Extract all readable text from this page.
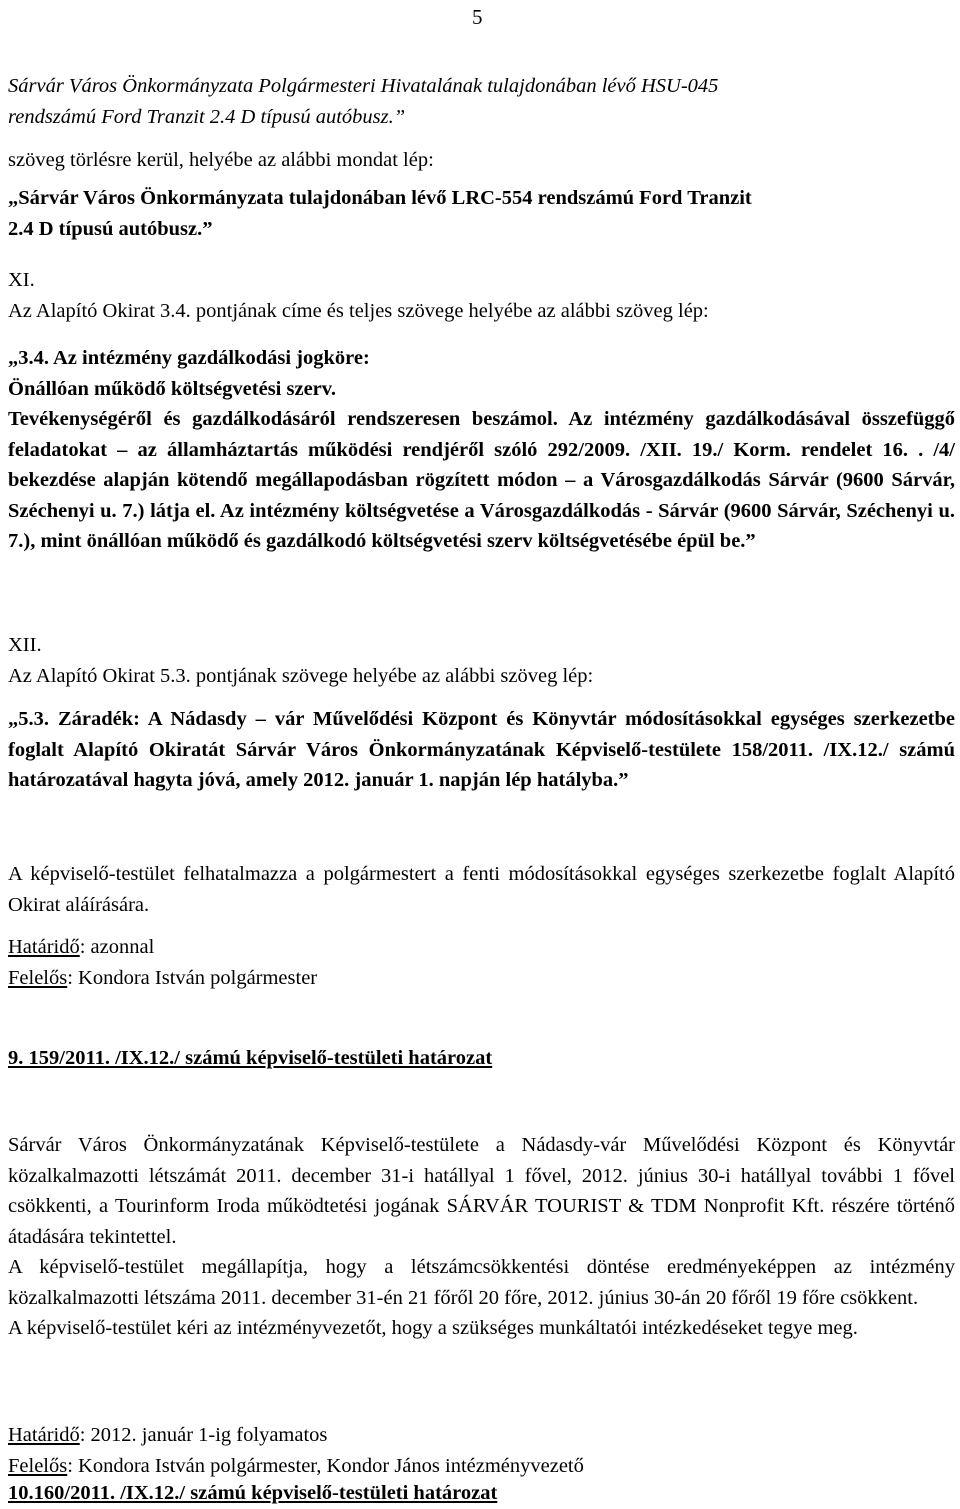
5
Sárvár Város Önkormányzata Polgármesteri Hivatalának tulajdonában lévő HSU-045
rendszámú Ford Tranzit 2.4 D típusú autóbusz.”
szöveg törlésre kerül, helyébe az alábbi mondat lép:
„Sárvár Város Önkormányzata tulajdonában lévő LRC-554 rendszámú Ford Tranzit
2.4 D típusú autóbusz.”
XI.
Az Alapító Okirat 3.4. pontjának címe és teljes szövege helyébe az alábbi szöveg lép:
„3.4. Az intézmény gazdálkodási jogköre:
Önállóan működő költségvetési szerv.

Tevékenységéről és gazdálkodásáról rendszeresen beszámol. Az intézmény gazdálkodásával összefüggő feladatokat – az államháztartás működési rendjéről szóló 292/2009. /XII. 19./ Korm. rendelet 16. . /4/ bekezdése alapján kötendő megállapodásban rögzített módon – a Városgazdálkodás Sárvár (9600 Sárvár, Széchenyi u. 7.) látja el. Az intézmény költségvetése a Városgazdálkodás - Sárvár (9600 Sárvár, Széchenyi u. 7.), mint önállóan működő és gazdálkodó költségvetési szerv költségvetésébe épül be.”

XII.
Az Alapító Okirat 5.3. pontjának szövege helyébe az alábbi szöveg lép:

„5.3. Záradék: A Nádasdy – vár Művelődési Központ és Könyvtár módosításokkal egységes szerkezetbe foglalt Alapító Okiratát Sárvár Város Önkormányzatának Képviselő-testülete 158/2011. /IX.12./ számú határozatával hagyta jóvá, amely 2012. január 1. napján lép hatályba.”

A képviselő-testület felhatalmazza a polgármestert a fenti módosításokkal egységes szerkezetbe foglalt Alapító Okirat aláírására.

Határidő: azonnal
Felelős: Kondora István polgármester
9. 159/2011. /IX.12./ számú képviselő-testületi határozat

Sárvár Város Önkormányzatának Képviselő-testülete a Nádasdy-vár Művelődési Központ és Könyvtár közalkalmazotti létszámát 2011. december 31-i hatállyal 1 fővel, 2012. június 30-i hatállyal további 1 fővel csökkenti, a Tourinform Iroda működtetési jogának SÁRVÁR TOURIST & TDM Nonprofit Kft. részére történő átadására tekintettel.

A képviselő-testület megállapítja, hogy a létszámcsökkentési döntése eredményeképpen az intézmény közalkalmazotti létszáma 2011. december 31-én 21 főről 20 főre, 2012. június 30-án 20 főről 19 főre csökkent.

A képviselő-testület kéri az intézményvezetőt, hogy a szükséges munkáltatói intézkedéseket tegye meg.

Határidő: 2012. január 1-ig folyamatos
Felelős: Kondora István polgármester, Kondor János intézményvezető
10.160/2011. /IX.12./ számú képviselő-testületi határozat
